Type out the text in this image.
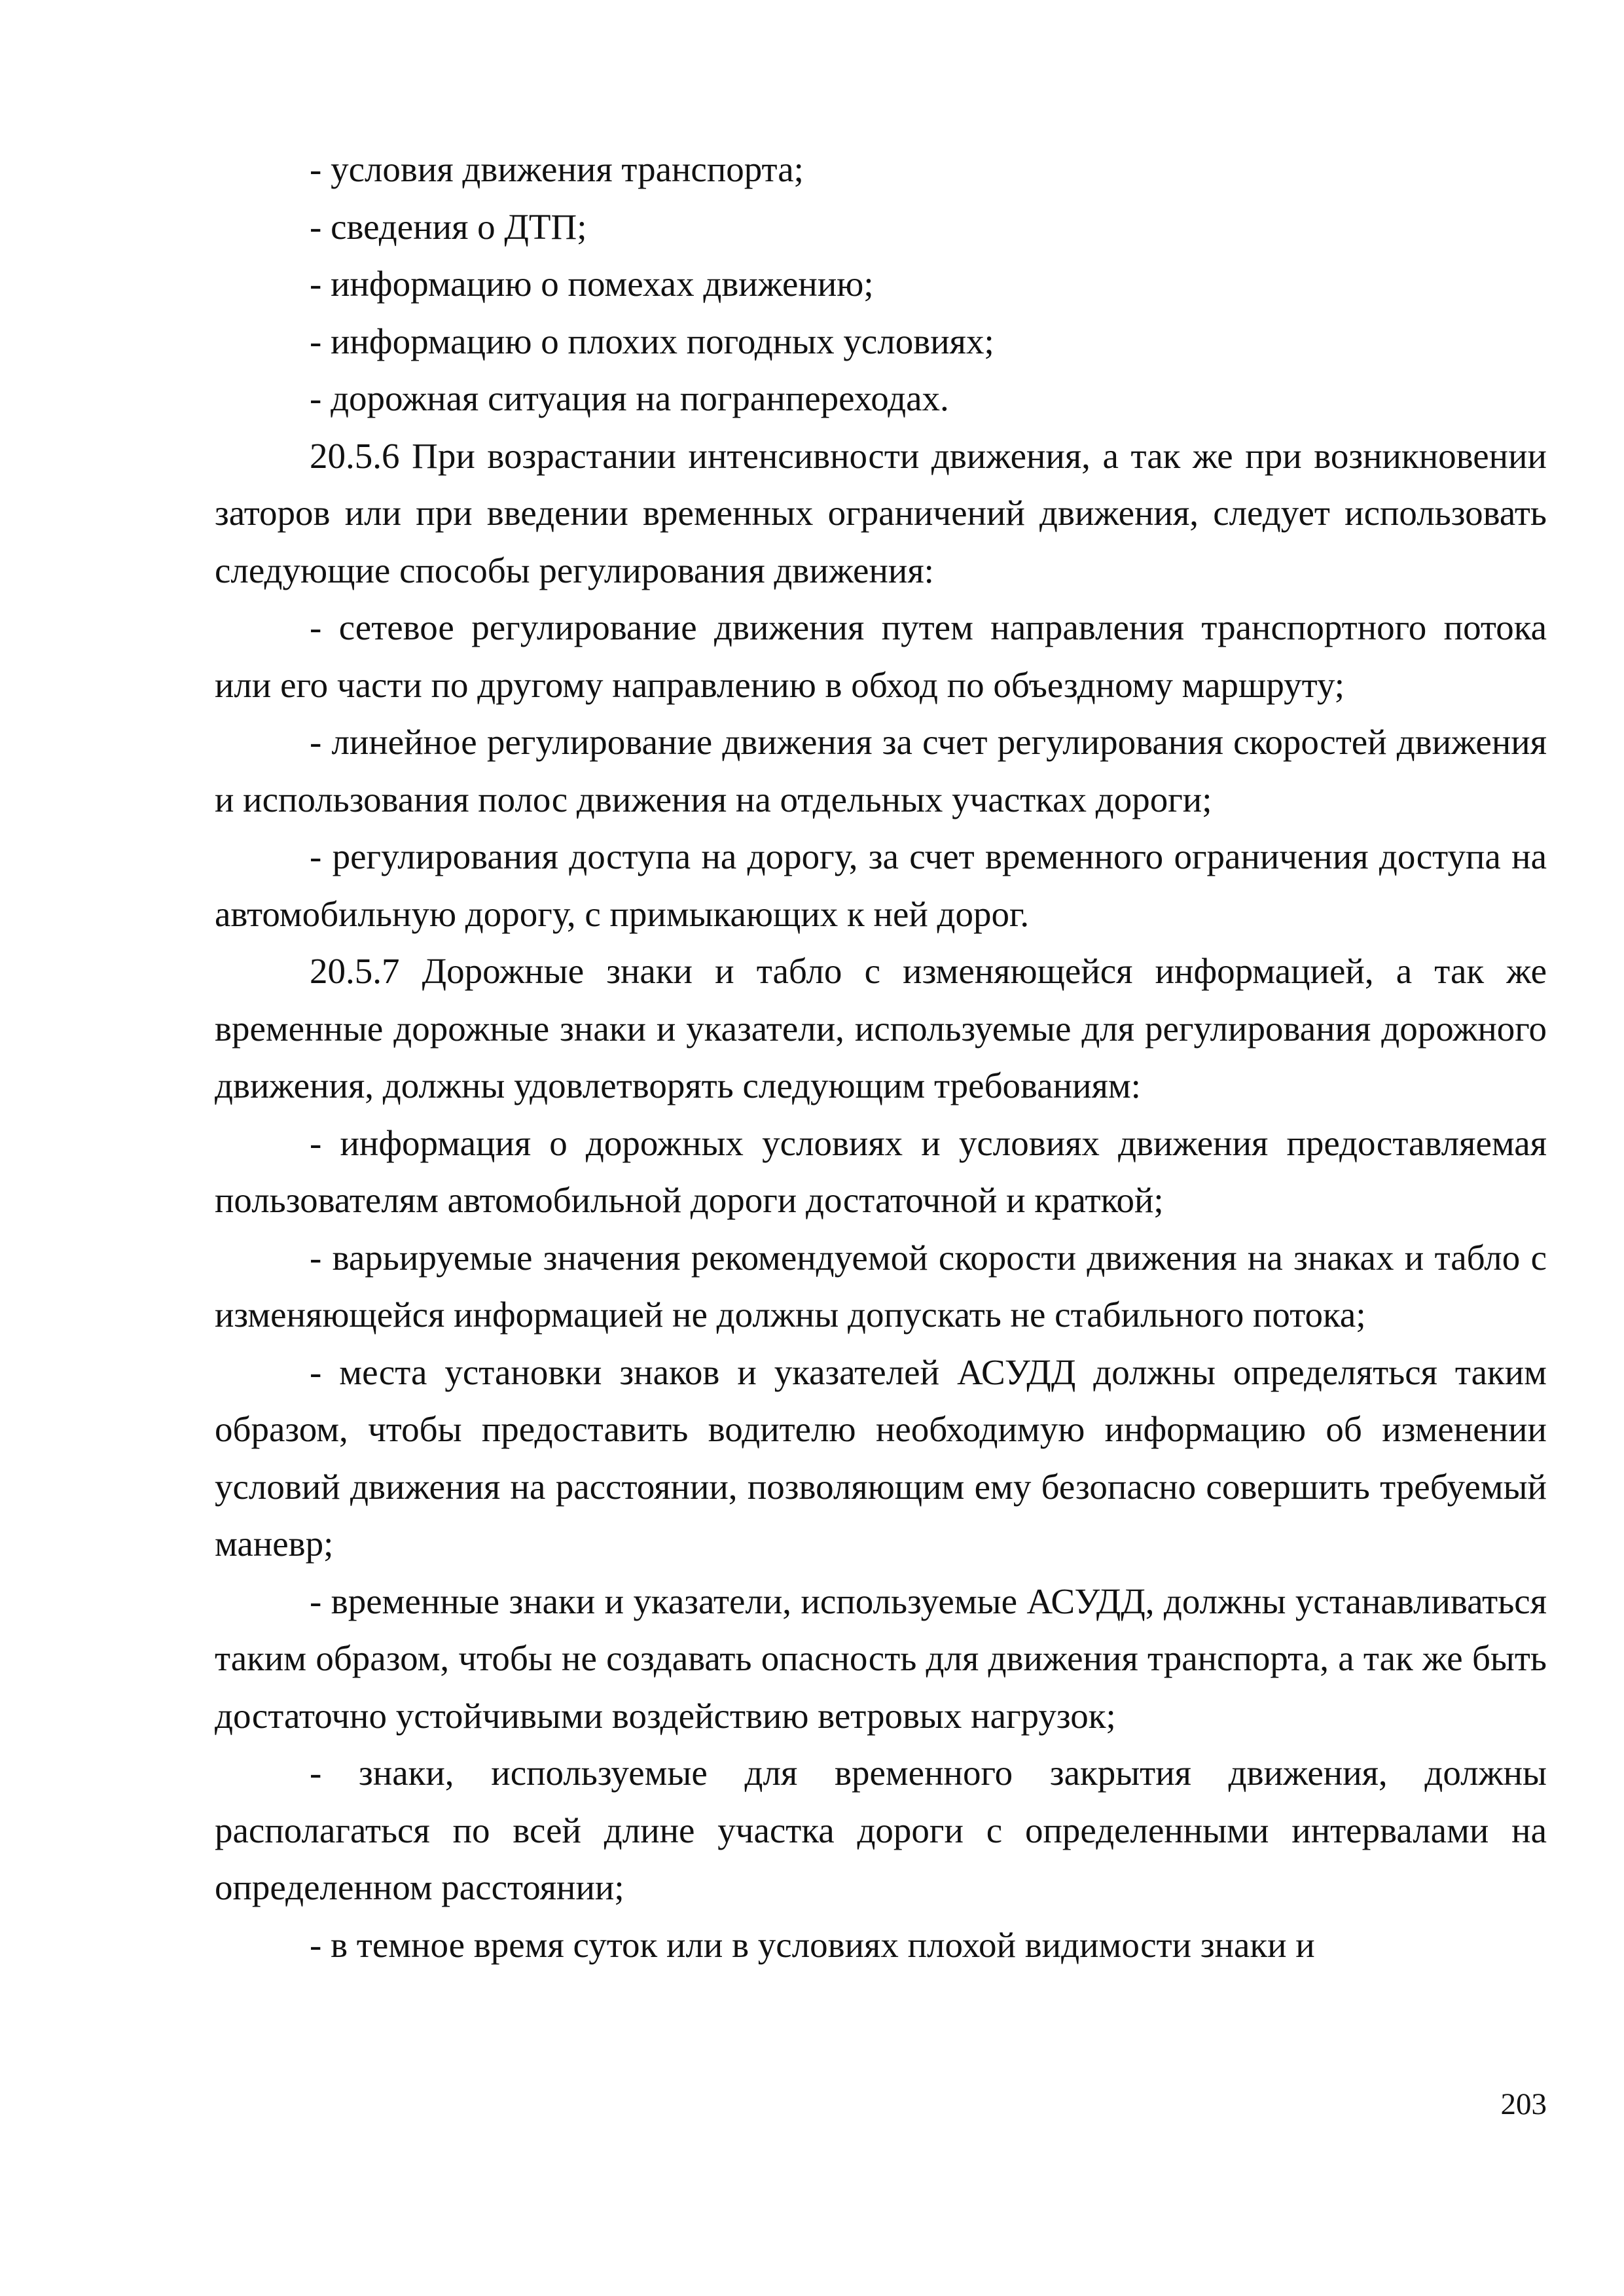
- условия движения транспорта;

- сведения о ДТП;

- информацию о помехах движению;

- информацию о плохих погодных условиях;

- дорожная ситуация на погранпереходах.

20.5.6 При возрастании интенсивности движения, а так же при возникновении заторов или при введении временных ограничений движения, следует использовать следующие способы регулирования движения:

- сетевое регулирование движения путем направления транспортного потока или его части по другому направлению в обход по объездному маршруту;

- линейное регулирование движения за счет регулирования скоростей движения и использования полос движения на отдельных участках дороги;

- регулирования доступа на дорогу, за счет временного ограничения доступа на автомобильную дорогу, с примыкающих к ней дорог.

20.5.7 Дорожные знаки и табло с изменяющейся информацией, а так же временные дорожные знаки и указатели, используемые для регулирования дорожного движения, должны удовлетворять следующим требованиям:

- информация о дорожных условиях и условиях движения предоставляемая пользователям автомобильной дороги достаточной и краткой;

- варьируемые значения рекомендуемой скорости движения на знаках и табло с изменяющейся информацией не должны допускать не стабильного потока;

- места установки знаков и указателей АСУДД должны определяться таким образом, чтобы предоставить водителю необходимую информацию об изменении условий движения на расстоянии, позволяющим ему безопасно совершить требуемый маневр;

- временные знаки и указатели, используемые АСУДД, должны устанавливаться таким образом, чтобы не создавать опасность для движения транспорта, а так же быть достаточно устойчивыми воздействию ветровых нагрузок;

- знаки, используемые для временного закрытия движения, должны располагаться по всей длине участка дороги с определенными интервалами на определенном расстоянии;

- в темное время суток или в условиях плохой видимости знаки и

203
